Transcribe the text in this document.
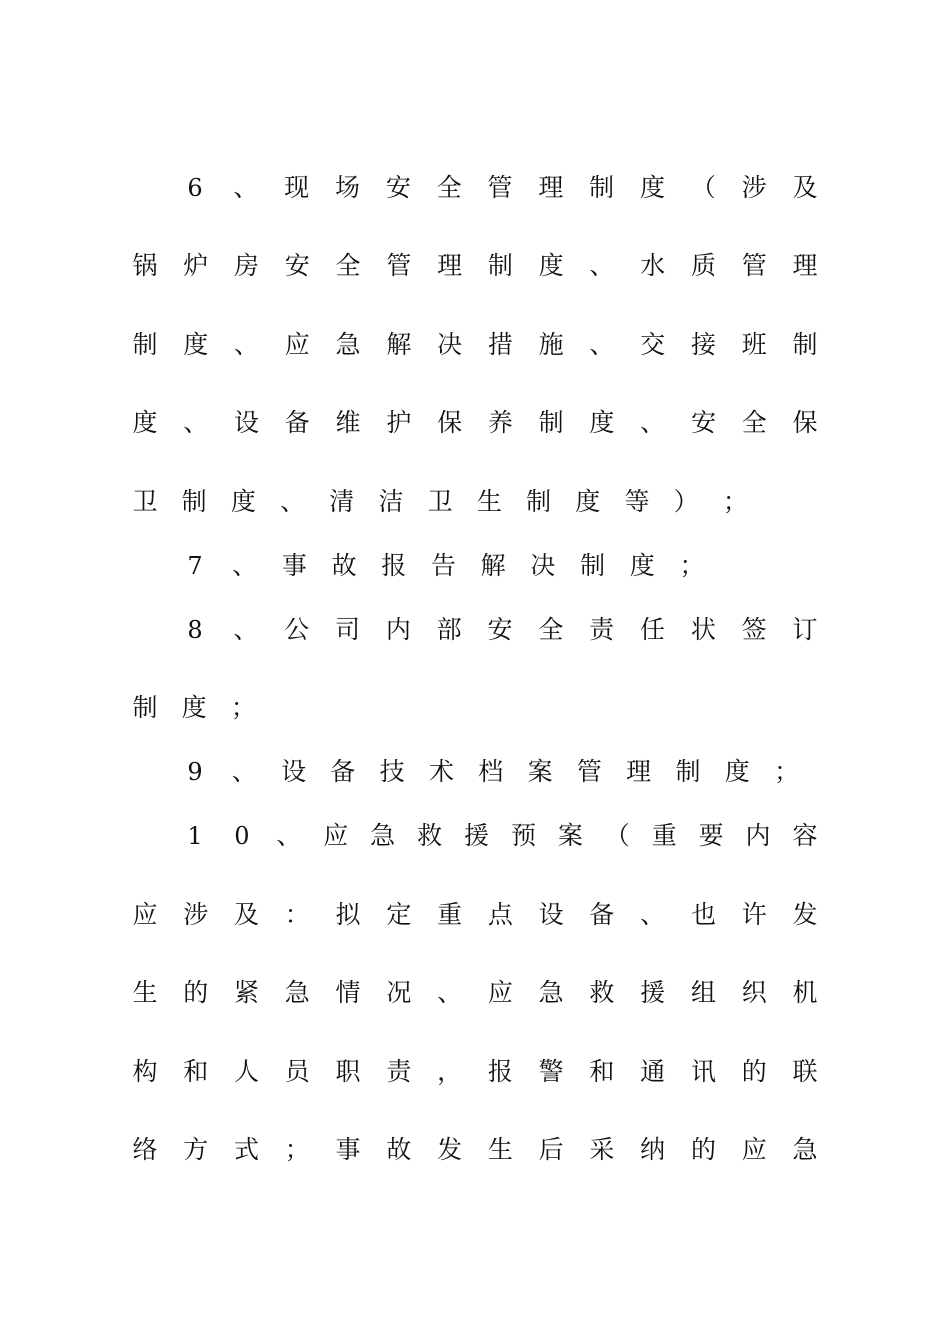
6	、	现	场	安	全	管	理	制	度	（	涉	及
锅	炉	房	安	全	管	理	制	度	、	水	质	管	理
制	度	、	应	急	解	决	措	施	、	交	接	班	制
度	、	设	备	维	护	保	养	制	度	、	安	全	保
卫 制 度 、 清 洁 卫 生 制 度 等 ） ；
7	、 事 故 报 告 解 决 制 度 ；
8	、	公	司	内	部	安	全	责	任	状	签	订
制 度 ；
9	、 设 备 技 术 档 案 管 理 制 度 ；
1	0	、 应 急 救 援 预 案 （ 重 要 内 容
应	涉	及	：	拟	定	重	点	设	备	、	也	许	发
生	的	紧	急	情	况	、	应	急	救	援	组	织	机
构	和	人	员	职	责	，	报	警	和	通	讯	的	联
络	方	式	；	事	故	发	生	后	采	纳	的	应	急
